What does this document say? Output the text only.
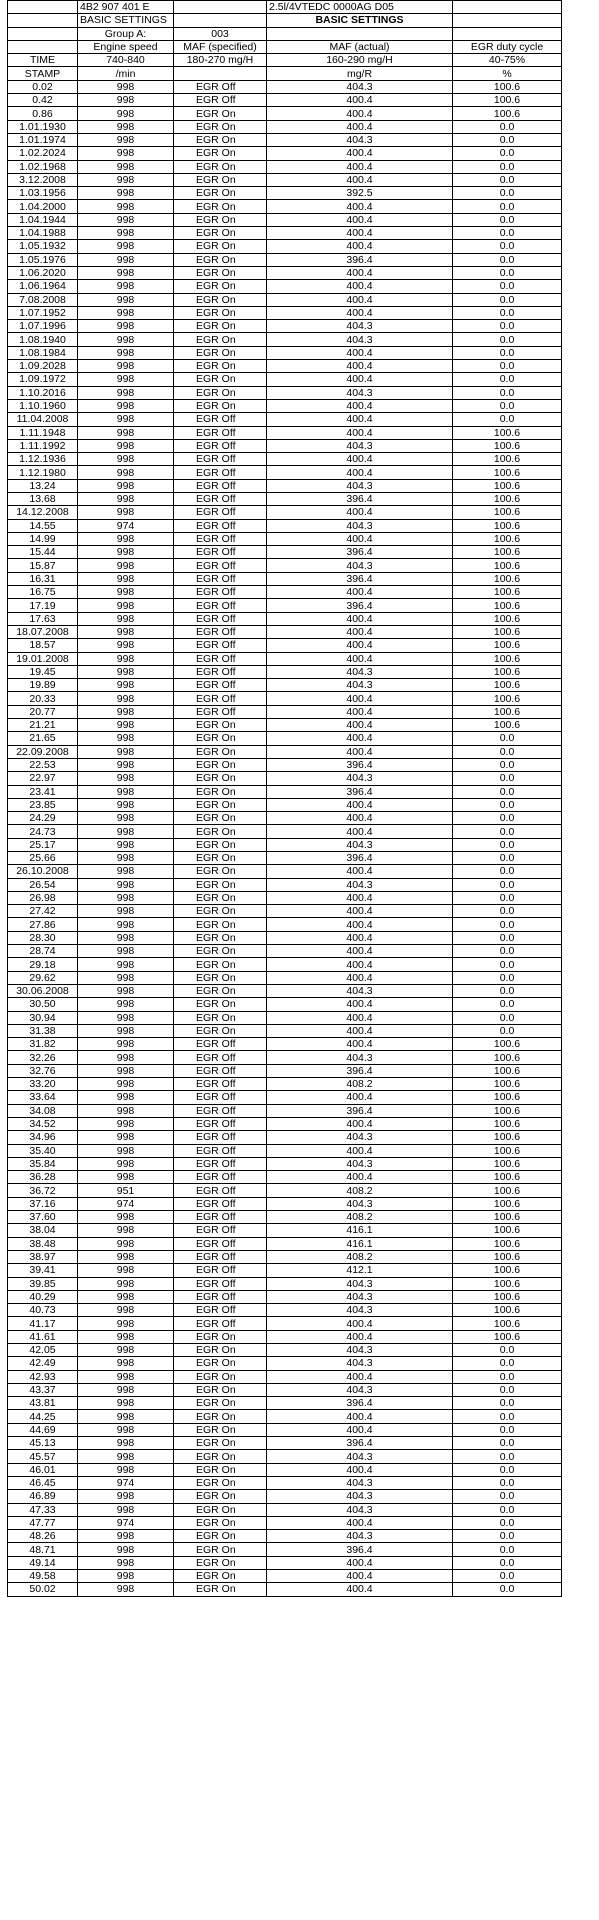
	4B2 907 401 E		2.5l/4VTEDC 0000AG D05	
	BASIC SETTINGS		BASIC SETTINGS	
	Group A:	003		
	Engine speed	MAF (specified)	MAF (actual)	EGR duty cycle
TIME	740-840	180-270 mg/H	160-290 mg/H	40-75%
STAMP	/min		mg/R	%
0.02	998	EGR Off	404.3	100.6
0.42	998	EGR Off	400.4	100.6
0.86	998	EGR On	400.4	100.6
1.01.1930	998	EGR On	400.4	0.0
1.01.1974	998	EGR On	404.3	0.0
1.02.2024	998	EGR On	400.4	0.0
1.02.1968	998	EGR On	400.4	0.0
3.12.2008	998	EGR On	400.4	0.0
1.03.1956	998	EGR On	392.5	0.0
1.04.2000	998	EGR On	400.4	0.0
1.04.1944	998	EGR On	400.4	0.0
1.04.1988	998	EGR On	400.4	0.0
1.05.1932	998	EGR On	400.4	0.0
1.05.1976	998	EGR On	396.4	0.0
1.06.2020	998	EGR On	400.4	0.0
1.06.1964	998	EGR On	400.4	0.0
7.08.2008	998	EGR On	400.4	0.0
1.07.1952	998	EGR On	400.4	0.0
1.07.1996	998	EGR On	404.3	0.0
1.08.1940	998	EGR On	404.3	0.0
1.08.1984	998	EGR On	400.4	0.0
1.09.2028	998	EGR On	400.4	0.0
1.09.1972	998	EGR On	400.4	0.0
1.10.2016	998	EGR On	404.3	0.0
1.10.1960	998	EGR On	400.4	0.0
11.04.2008	998	EGR Off	400.4	0.0
1.11.1948	998	EGR Off	400.4	100.6
1.11.1992	998	EGR Off	404.3	100.6
1.12.1936	998	EGR Off	400.4	100.6
1.12.1980	998	EGR Off	400.4	100.6
13.24	998	EGR Off	404.3	100.6
13.68	998	EGR Off	396.4	100.6
14.12.2008	998	EGR Off	400.4	100.6
14.55	974	EGR Off	404.3	100.6
14.99	998	EGR Off	400.4	100.6
15.44	998	EGR Off	396.4	100.6
15.87	998	EGR Off	404.3	100.6
16.31	998	EGR Off	396.4	100.6
16.75	998	EGR Off	400.4	100.6
17.19	998	EGR Off	396.4	100.6
17.63	998	EGR Off	400.4	100.6
18.07.2008	998	EGR Off	400.4	100.6
18.57	998	EGR Off	400.4	100.6
19.01.2008	998	EGR Off	400.4	100.6
19.45	998	EGR Off	404.3	100.6
19.89	998	EGR Off	404.3	100.6
20.33	998	EGR Off	400.4	100.6
20.77	998	EGR Off	400.4	100.6
21.21	998	EGR On	400.4	100.6
21.65	998	EGR On	400.4	0.0
22.09.2008	998	EGR On	400.4	0.0
22.53	998	EGR On	396.4	0.0
22.97	998	EGR On	404.3	0.0
23.41	998	EGR On	396.4	0.0
23.85	998	EGR On	400.4	0.0
24.29	998	EGR On	400.4	0.0
24.73	998	EGR On	400.4	0.0
25.17	998	EGR On	404.3	0.0
25.66	998	EGR On	396.4	0.0
26.10.2008	998	EGR On	400.4	0.0
26.54	998	EGR On	404.3	0.0
26.98	998	EGR On	400.4	0.0
27.42	998	EGR On	400.4	0.0
27.86	998	EGR On	400.4	0.0
28.30	998	EGR On	400.4	0.0
28.74	998	EGR On	400.4	0.0
29.18	998	EGR On	400.4	0.0
29.62	998	EGR On	400.4	0.0
30.06.2008	998	EGR On	404.3	0.0
30.50	998	EGR On	400.4	0.0
30.94	998	EGR On	400.4	0.0
31.38	998	EGR On	400.4	0.0
31.82	998	EGR Off	400.4	100.6
32.26	998	EGR Off	404.3	100.6
32.76	998	EGR Off	396.4	100.6
33.20	998	EGR Off	408.2	100.6
33.64	998	EGR Off	400.4	100.6
34.08	998	EGR Off	396.4	100.6
34.52	998	EGR Off	400.4	100.6
34.96	998	EGR Off	404.3	100.6
35.40	998	EGR Off	400.4	100.6
35.84	998	EGR Off	404.3	100.6
36.28	998	EGR Off	400.4	100.6
36.72	951	EGR Off	408.2	100.6
37.16	974	EGR Off	404.3	100.6
37.60	998	EGR Off	408.2	100.6
38.04	998	EGR Off	416.1	100.6
38.48	998	EGR Off	416.1	100.6
38.97	998	EGR Off	408.2	100.6
39.41	998	EGR Off	412.1	100.6
39.85	998	EGR Off	404.3	100.6
40.29	998	EGR Off	404.3	100.6
40.73	998	EGR Off	404.3	100.6
41.17	998	EGR Off	400.4	100.6
41.61	998	EGR On	400.4	100.6
42.05	998	EGR On	404.3	0.0
42.49	998	EGR On	404.3	0.0
42.93	998	EGR On	400.4	0.0
43.37	998	EGR On	404.3	0.0
43.81	998	EGR On	396.4	0.0
44.25	998	EGR On	400.4	0.0
44.69	998	EGR On	400.4	0.0
45.13	998	EGR On	396.4	0.0
45.57	998	EGR On	404.3	0.0
46.01	998	EGR On	400.4	0.0
46.45	974	EGR On	404.3	0.0
46.89	998	EGR On	404.3	0.0
47.33	998	EGR On	404.3	0.0
47.77	974	EGR On	400.4	0.0
48.26	998	EGR On	404.3	0.0
48.71	998	EGR On	396.4	0.0
49.14	998	EGR On	400.4	0.0
49.58	998	EGR On	400.4	0.0
50.02	998	EGR On	400.4	0.0
